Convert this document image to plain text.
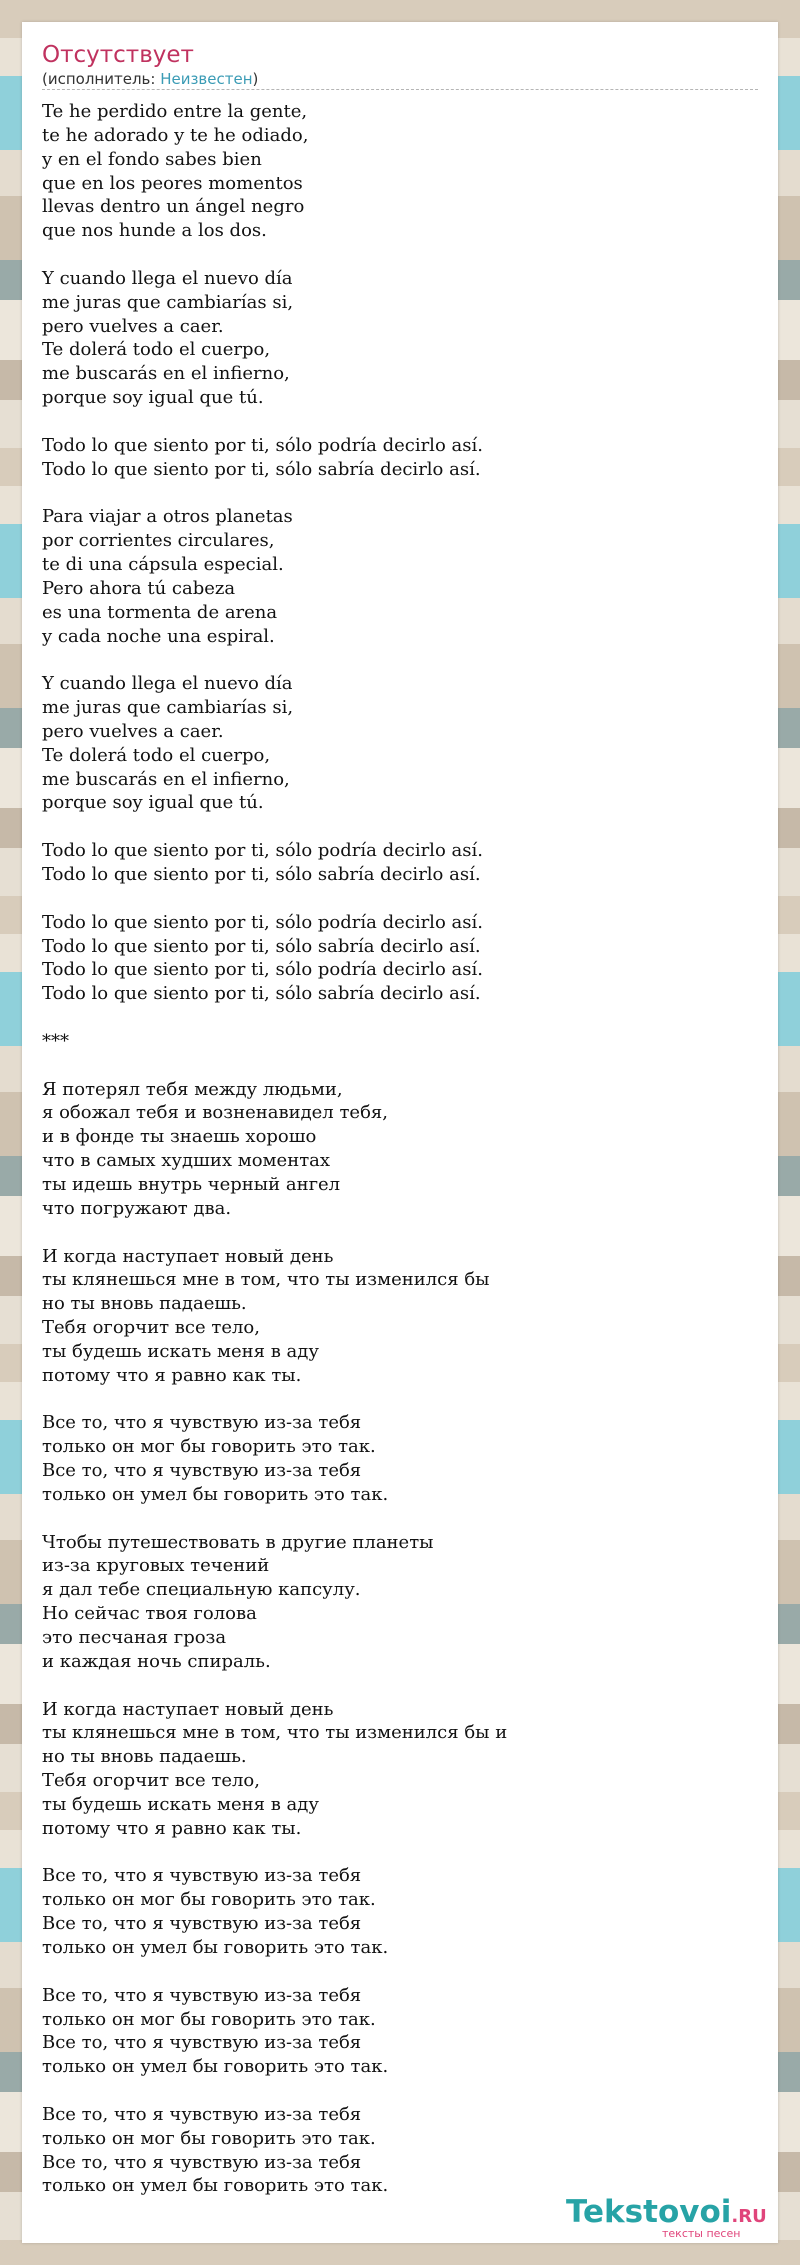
Отсутствует
(исполнитель: Неизвестен)
Te he perdido entre la gente,
te he adorado y te he odiado,
y en el fondo sabes bien
que en los peores momentos
llevas dentro un ángel negro
que nos hunde a los dos.
Y cuando llega el nuevo día
me juras que cambiarías si,
pero vuelves a caer.
Te dolerá todo el cuerpo,
me buscarás en el infierno,
porque soy igual que tú.
Todo lo que siento por ti, sólo podría decirlo así.
Todo lo que siento por ti, sólo sabría decirlo así.
Para viajar a otros planetas
por corrientes circulares,
te di una cápsula especial.
Pero ahora tú cabeza
es una tormenta de arena
y cada noche una espiral.
Y cuando llega el nuevo día
me juras que cambiarías si,
pero vuelves a caer.
Te dolerá todo el cuerpo,
me buscarás en el infierno,
porque soy igual que tú.
Todo lo que siento por ti, sólo podría decirlo así.
Todo lo que siento por ti, sólo sabría decirlo así.
Todo lo que siento por ti, sólo podría decirlo así.
Todo lo que siento por ti, sólo sabría decirlo así.
Todo lo que siento por ti, sólo podría decirlo así.
Todo lo que siento por ti, sólo sabría decirlo así.
***
Я потерял тебя между людьми,
я обожал тебя и возненавидел тебя,
и в фонде ты знаешь хорошо
что в самых худших моментах
ты идешь внутрь черный ангел
что погружают два.
И когда наступает новый день
ты клянешься мне в том, что ты изменился бы
но ты вновь падаешь.
Тебя огорчит все тело,
ты будешь искать меня в аду
потому что я равно как ты.
Все то, что я чувствую из-за тебя
только он мог бы говорить это так.
Все то, что я чувствую из-за тебя
только он умел бы говорить это так.
Чтобы путешествовать в другие планеты
из-за круговых течений
я дал тебе специальную капсулу.
Но сейчас твоя голова
это песчаная гроза
и каждая ночь спираль.
И когда наступает новый день
ты клянешься мне в том, что ты изменился бы и
но ты вновь падаешь.
Тебя огорчит все тело,
ты будешь искать меня в аду
потому что я равно как ты.
Все то, что я чувствую из-за тебя
только он мог бы говорить это так.
Все то, что я чувствую из-за тебя
только он умел бы говорить это так.
Все то, что я чувствую из-за тебя
только он мог бы говорить это так.
Все то, что я чувствую из-за тебя
только он умел бы говорить это так.
Все то, что я чувствую из-за тебя
только он мог бы говорить это так.
Все то, что я чувствую из-за тебя
только он умел бы говорить это так.
Tekstovoi.RU
тексты песен
